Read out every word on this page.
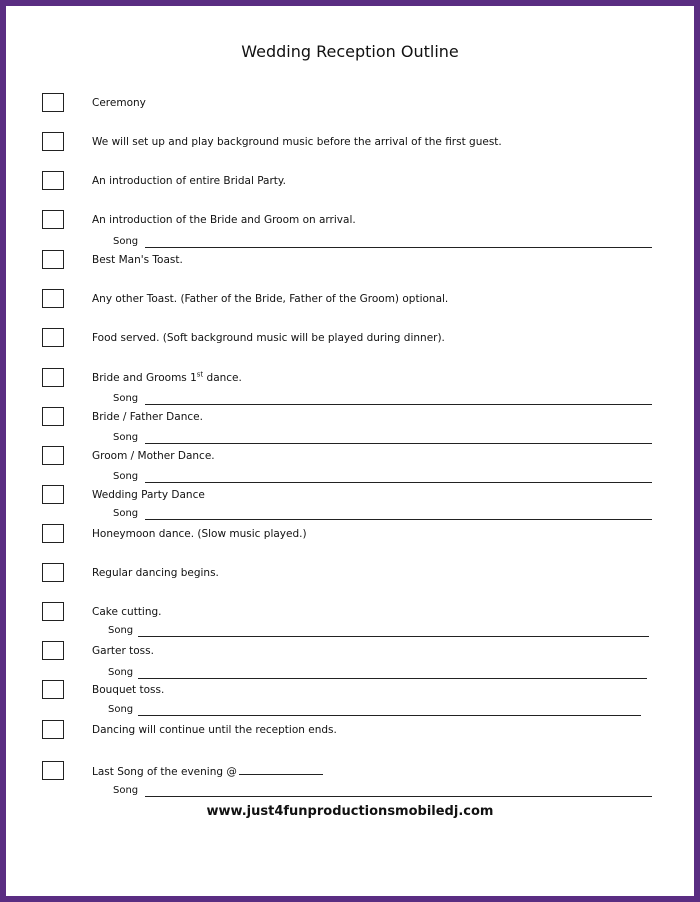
Wedding Reception Outline
Ceremony
We will set up and play background music before the arrival of the first guest.
An introduction of entire Bridal Party.
An introduction of the Bride and Groom on arrival.
Song
Best Man's Toast.
Any other Toast. (Father of the Bride, Father of the Groom) optional.
Food served. (Soft background music will be played during dinner).
Bride and Grooms 1st dance.
Song
Bride / Father Dance.
Song
Groom / Mother Dance.
Song
Wedding Party Dance
Song
Honeymoon dance. (Slow music played.)
Regular dancing begins.
Cake cutting.
Song
Garter toss.
Song
Bouquet toss.
Song
Dancing will continue until the reception ends.
Last Song of the evening @
Song
www.just4funproductionsmobiledj.com
